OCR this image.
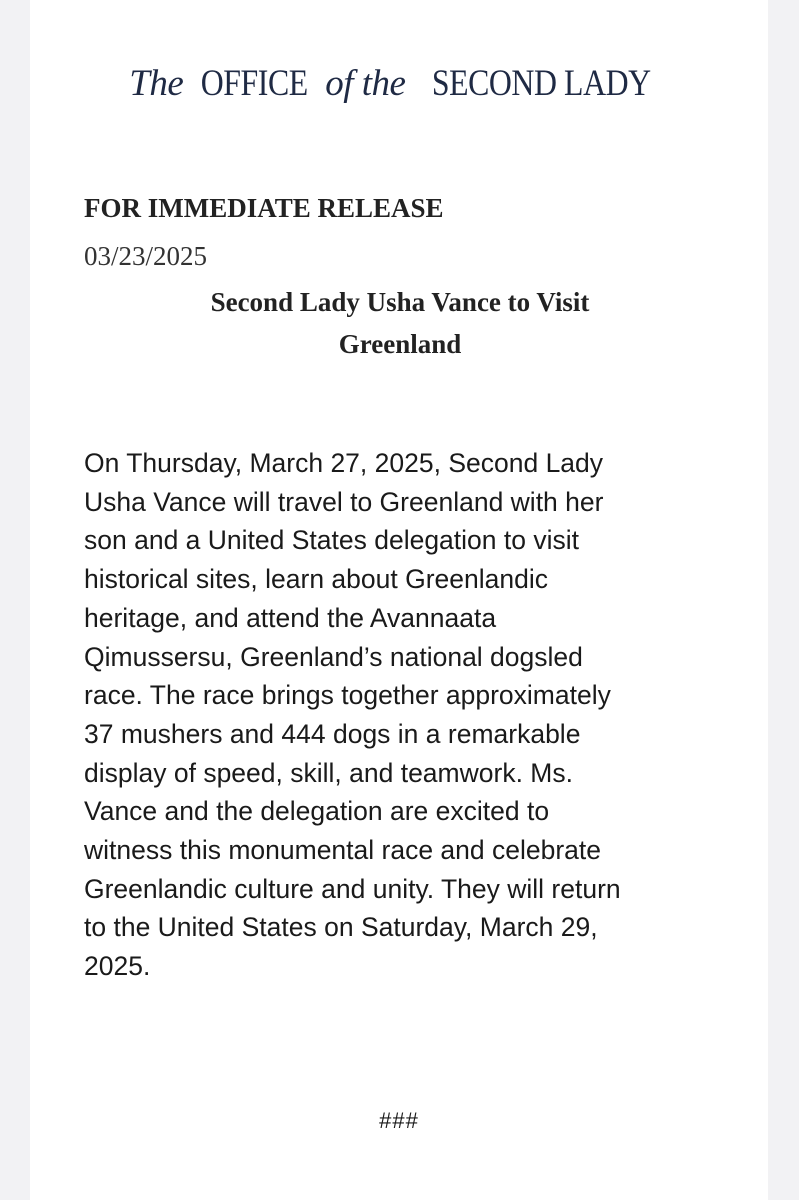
The OFFICE of the SECOND LADY
FOR IMMEDIATE RELEASE
03/23/2025
Second Lady Usha Vance to Visit
Greenland
On Thursday, March 27, 2025, Second Lady
Usha Vance will travel to Greenland with her
son and a United States delegation to visit
historical sites, learn about Greenlandic
heritage, and attend the Avannaata
Qimussersu, Greenland’s national dogsled
race. The race brings together approximately
37 mushers and 444 dogs in a remarkable
display of speed, skill, and teamwork. Ms.
Vance and the delegation are excited to
witness this monumental race and celebrate
Greenlandic culture and unity. They will return
to the United States on Saturday, March 29,
2025.
###
